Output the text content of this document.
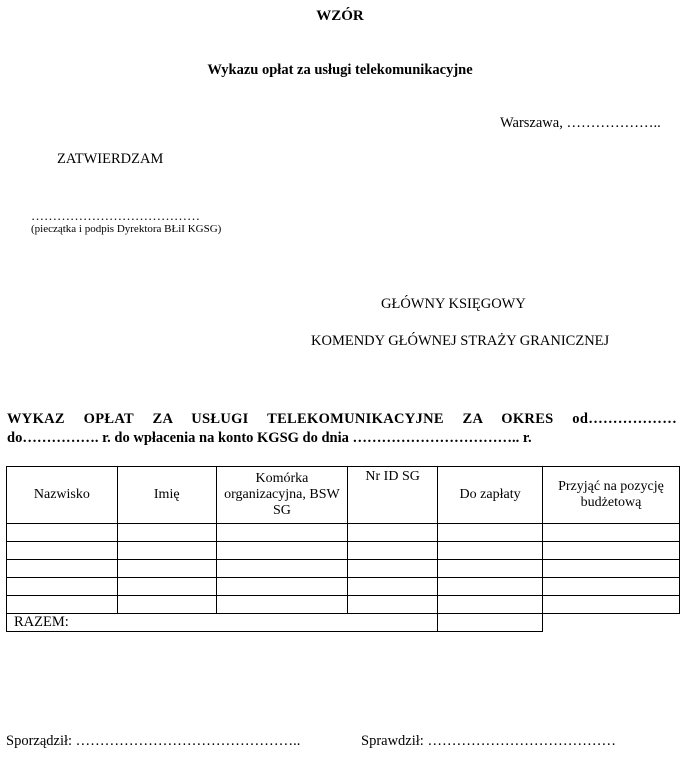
WZÓR
Wykazu opłat za usługi telekomunikacyjne
Warszawa, ………………..
ZATWIERDZAM
…………………………………
(pieczątka i podpis Dyrektora BŁiI KGSG)
GŁÓWNY KSIĘGOWY
KOMENDY GŁÓWNEJ STRAŻY GRANICZNEJ
WYKAZ OPŁAT ZA USŁUGI TELEKOMUNIKACYJNE ZA OKRES od………………
do……………. r. do wpłacenia na konto KGSG do dnia …………………………….. r.
Nazwisko	Imię	Komórka organizacyjna, BSW SG	Nr ID SG	Do zapłaty	Przyjąć na pozycję budżetową

RAZEM:					
Sporządził: ………………………………………..	Sprawdził: …………………………………
